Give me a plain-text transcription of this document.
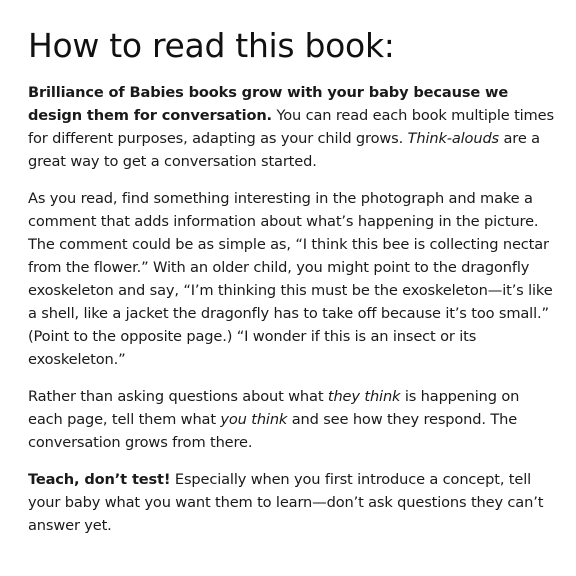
How to read this book:

Brilliance of Babies books grow with your baby because we design them for conversation. You can read each book multiple times for different purposes, adapting as your child grows. Think-alouds are a great way to get a conversation started.

As you read, find something interesting in the photograph and make a comment that adds information about what’s happening in the picture. The comment could be as simple as, “I think this bee is collecting nectar from the flower.” With an older child, you might point to the dragonfly exoskeleton and say, “I’m thinking this must be the exoskeleton—it’s like a shell, like a jacket the dragonfly has to take off because it’s too small.” (Point to the opposite page.) “I wonder if this is an insect or its exoskeleton.”

Rather than asking questions about what they think is happening on each page, tell them what you think and see how they respond. The conversation grows from there.

Teach, don’t test! Especially when you first introduce a concept, tell your baby what you want them to learn—don’t ask questions they can’t answer yet.
